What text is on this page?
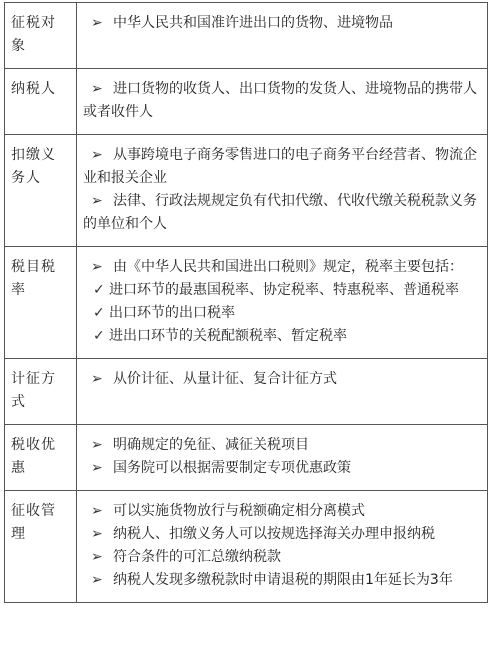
征税对象	➢ 中华人民共和国准许进出口的货物、进境物品

纳税人	➢ 进口货物的收货人、出口货物的发货人、进境物品的携带人或者收件人

扣缴义务人	➢ 从事跨境电子商务零售进口的电子商务平台经营者、物流企业和报关企业
➢ 法律、行政法规规定负有代扣代缴、代收代缴关税税款义务的单位和个人

税目税率	➢ 由《中华人民共和国进出口税则》规定，税率主要包括：
✓ 进口环节的最惠国税率、协定税率、特惠税率、普通税率
✓ 出口环节的出口税率
✓ 进出口环节的关税配额税率、暂定税率

计征方式	➢ 从价计征、从量计征、复合计征方式

税收优惠	➢ 明确规定的免征、减征关税项目
➢ 国务院可以根据需要制定专项优惠政策

征收管理	➢ 可以实施货物放行与税额确定相分离模式
➢ 纳税人、扣缴义务人可以按规选择海关办理申报纳税
➢ 符合条件的可汇总缴纳税款
➢ 纳税人发现多缴税款时申请退税的期限由1年延长为3年
